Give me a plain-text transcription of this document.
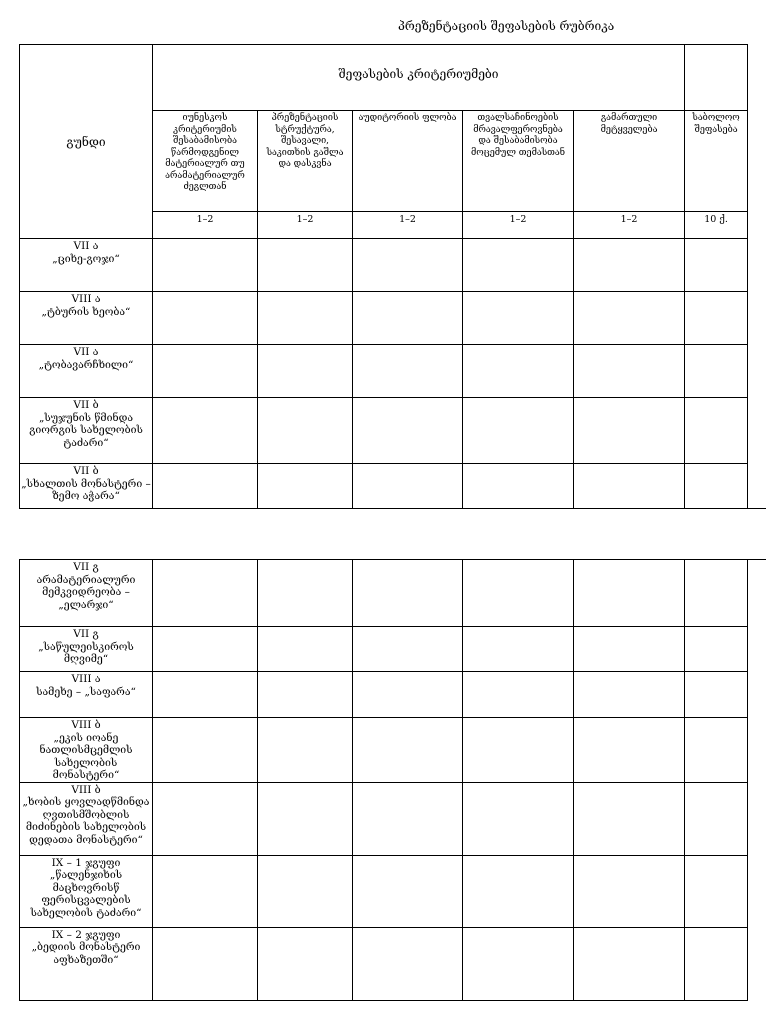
პრეზენტაციის შეფასების რუბრიკა
გუნდი	შეფასების კრიტერიუმები					
	იუნესკოს კრიტერიუმის შესაბამისობა წარმოდგენილ მატერიალურ თუ არამატერიალურ ძეგლთან	პრეზენტაციის სტრუქტურა, შესავალი, საკითხის გაშლა და დასკვნა	აუდიტორიის ფლობა	თვალსაჩინოების მრავალფეროვნება და შესაბამისობა მოცემულ თემასთან	გამართული მეტყველება	საბოლოო შეფასება
	1–2	1–2	1–2	1–2	1–2	10 ქ.

VII ა
„ციხე-გოჯი“						

VIII ა
„ტბურის ხეობა“						

VII ა
„ტობავარჩხილი“						

VII ბ
„სუჯუნის წმინდა
გიორგის სახელობის
ტაძარი“						

VII ბ
„სხალთის მონასტერი –
ზემო აჭარა“						

VII გ
არამატერიალური
მემკვიდრეობა –
„ელარჯი“						

VII გ
„საწულეისკიროს
მღვიმე“						

VIII ა
სამეხე – „საფარა“						

VIII ბ
„ეკის იოანე
ნათლისმცემლის
სახელობის მონასტერი“						

VIII ბ
„ხობის ყოვლადწმინდა
ღვთისმშობლის
მიძინების სახელობის
დედათა მონასტერი“						

IX – 1 ჯგუფი
„წალენჯიხის
მაცხოვრისწ
ფერისცვალების
სახელობის ტაძარი“						

IX – 2 ჯგუფი
„ბედიის მონასტერი
აფხაზეთში“						
